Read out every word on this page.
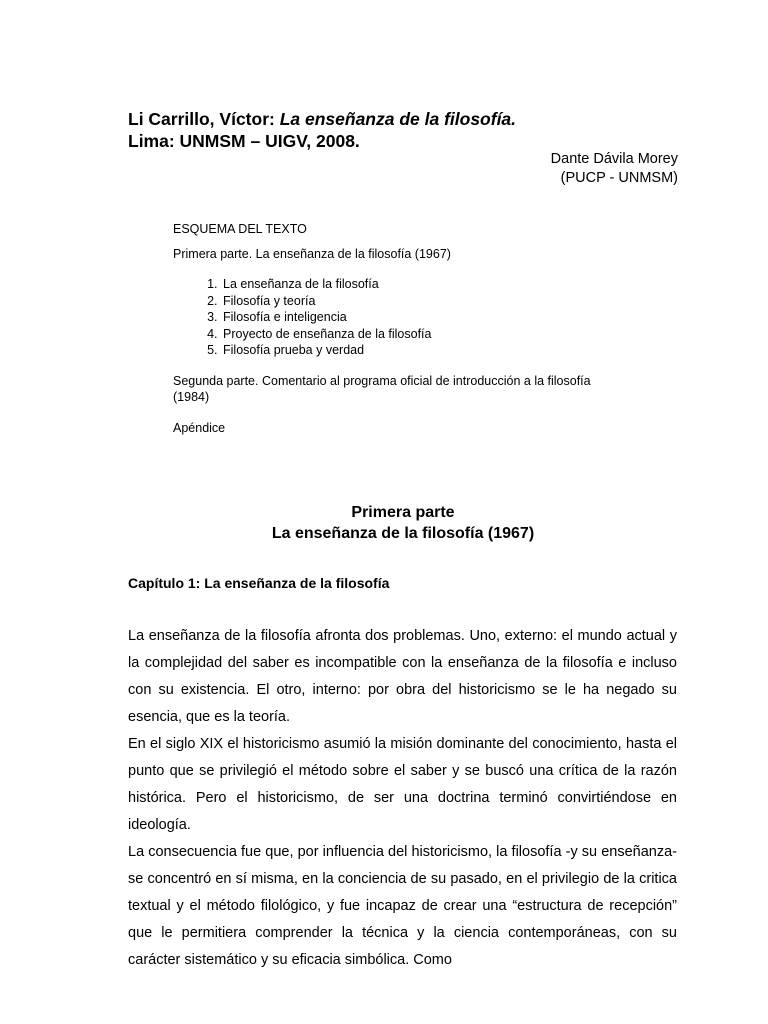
Li Carrillo, Víctor: La enseñanza de la filosofía.
Lima: UNMSM – UIGV, 2008.
Dante Dávila Morey
(PUCP - UNMSM)
ESQUEMA DEL TEXTO
Primera parte. La enseñanza de la filosofía (1967)
1. La enseñanza de la filosofía
2. Filosofía y teoría
3. Filosofía e inteligencia
4. Proyecto de enseñanza de la filosofía
5. Filosofía prueba y verdad
Segunda parte. Comentario al programa oficial de introducción a la filosofía (1984)
Apéndice
Primera parte
La enseñanza de la filosofía (1967)
Capítulo 1: La enseñanza de la filosofía

La enseñanza de la filosofía afronta dos problemas. Uno, externo: el mundo actual y la complejidad del saber es incompatible con la enseñanza de la filosofía e incluso con su existencia. El otro, interno: por obra del historicismo se le ha negado su esencia, que es la teoría.

En el siglo XIX el historicismo asumió la misión dominante del conocimiento, hasta el punto que se privilegió el método sobre el saber y se buscó una crítica de la razón histórica. Pero el historicismo, de ser una doctrina terminó convirtiéndose en ideología.

La consecuencia fue que, por influencia del historicismo, la filosofía -y su enseñanza- se concentró en sí misma, en la conciencia de su pasado, en el privilegio de la critica textual y el método filológico, y fue incapaz de crear una “estructura de recepción” que le permitiera comprender la técnica y la ciencia contemporáneas, con su carácter sistemático y su eficacia simbólica. Como
